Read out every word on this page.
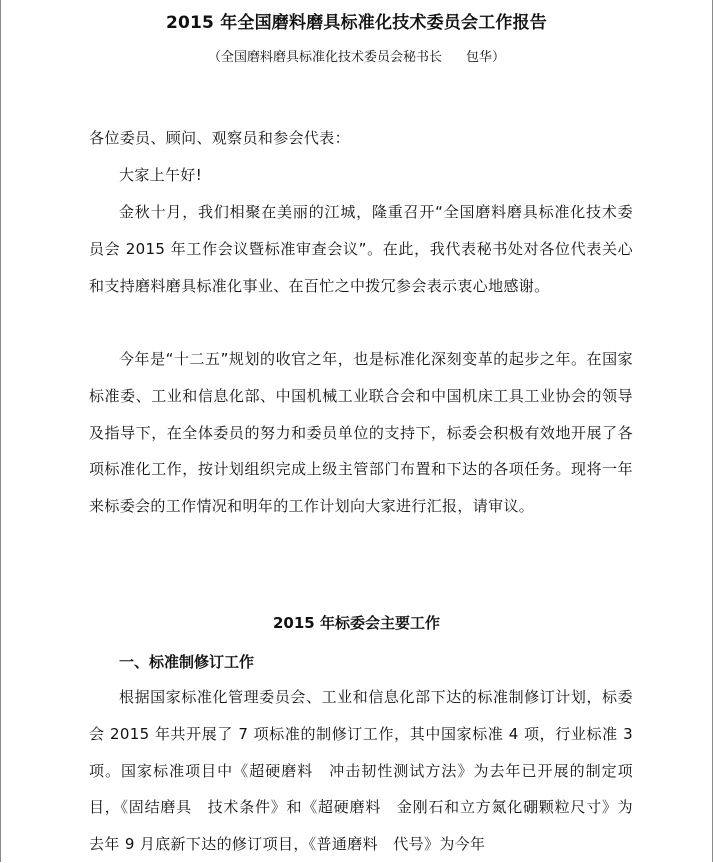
2015 年全国磨料磨具标准化技术委员会工作报告
（全国磨料磨具标准化技术委员会秘书长 包华）
各位委员、顾问、观察员和参会代表：
大家上午好!
金秋十月，我们相聚在美丽的江城，隆重召开“全国磨料磨具标准化技术委员会 2015 年工作会议暨标准审查会议”。在此，我代表秘书处对各位代表关心和支持磨料磨具标准化事业、在百忙之中拨冗参会表示衷心地感谢。
今年是“十二五”规划的收官之年，也是标准化深刻变革的起步之年。在国家标准委、工业和信息化部、中国机械工业联合会和中国机床工具工业协会的领导及指导下，在全体委员的努力和委员单位的支持下，标委会积极有效地开展了各项标准化工作，按计划组织完成上级主管部门布置和下达的各项任务。现将一年来标委会的工作情况和明年的工作计划向大家进行汇报，请审议。
2015 年标委会主要工作
一、标准制修订工作
根据国家标准化管理委员会、工业和信息化部下达的标准制修订计划，标委会 2015 年共开展了 7 项标准的制修订工作，其中国家标准 4 项，行业标准 3 项。国家标准项目中《超硬磨料　冲击韧性测试方法》为去年已开展的制定项目，《固结磨具　技术条件》和《超硬磨料　金刚石和立方氮化硼颗粒尺寸》为去年 9 月底新下达的修订项目，《普通磨料　代号》为今年
